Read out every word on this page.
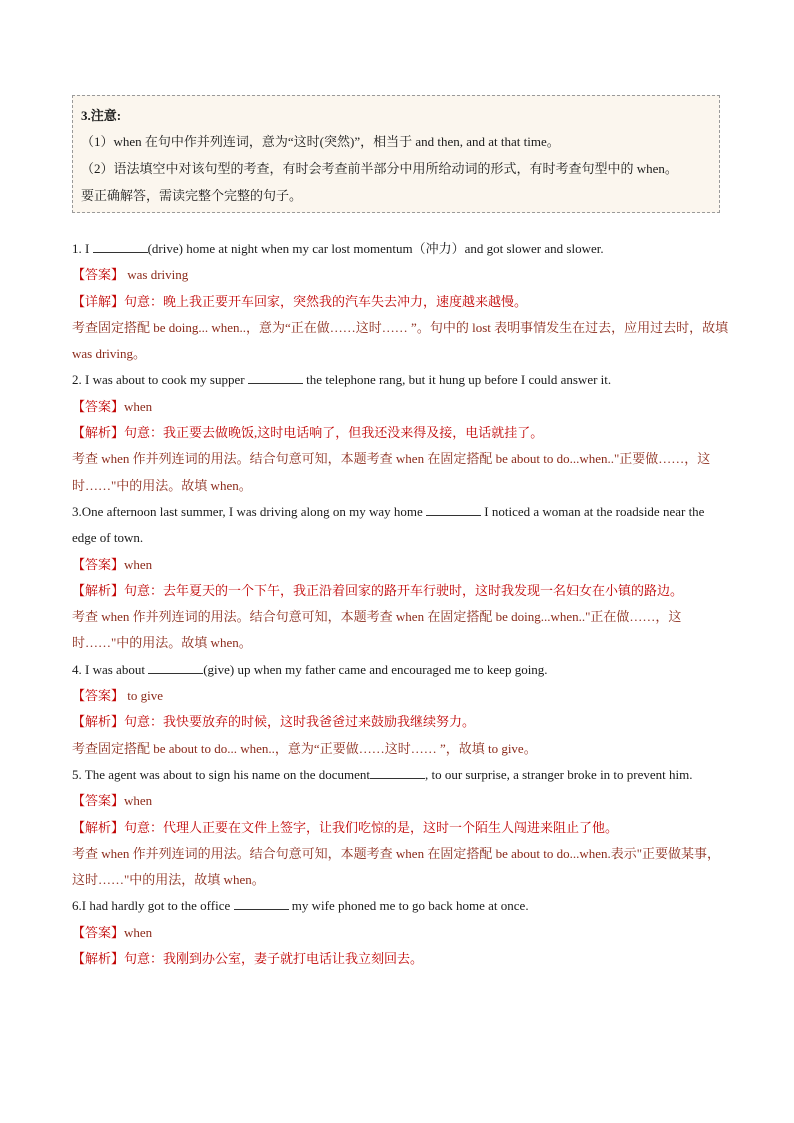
3.注意:
（1）when 在句中作并列连词，意为“这时(突然)”，相当于 and then, and at that time。
（2）语法填空中对该句型的考查，有时会考查前半部分中用所给动词的形式，有时考查句型中的 when。
要正确解答，需读完整个完整的句子。

1. I	(drive) home at night when my car lost momentum（冲力）and got slower and slower.

【答案】 was driving

【详解】句意：晚上我正要开车回家，突然我的汽车失去冲力，速度越来越慢。

考查固定搭配 be doing... when..，意为“正在做……这时…… ”。句中的 lost 表明事情发生在过去，应用过去时，故填 was driving。

2. I was about to cook my supper	the telephone rang, but it hung up before I could answer it.

【答案】when

【解析】句意：我正要去做晚饭,这时电话响了，但我还没来得及接，电话就挂了。

考查 when 作并列连词的用法。结合句意可知，本题考查 when 在固定搭配 be about to do...when.."正要做……，这时……"中的用法。故填 when。

3.One afternoon last summer, I was driving along on my way home	I noticed a woman at the roadside near the edge of town.

【答案】when

【解析】句意：去年夏天的一个下午，我正沿着回家的路开车行驶时，这时我发现一名妇女在小镇的路边。

考查 when 作并列连词的用法。结合句意可知，本题考查 when 在固定搭配 be doing...when.."正在做……，这时……"中的用法。故填 when。

4. I was about	(give) up when my father came and encouraged me to keep going.

【答案】 to give

【解析】句意：我快要放弃的时候，这时我爸爸过来鼓励我继续努力。

考查固定搭配 be about to do... when..，意为“正要做……这时…… ”，故填 to give。

5. The agent was about to sign his name on the document	, to our surprise, a stranger broke in to prevent him.

【答案】when

【解析】句意：代理人正要在文件上签字，让我们吃惊的是，这时一个陌生人闯进来阻止了他。

考查 when 作并列连词的用法。结合句意可知，本题考查 when 在固定搭配 be about to do...when.表示"正要做某事，这时……"中的用法，故填 when。

6.I had hardly got to the office	my wife phoned me to go back home at once.

【答案】when

【解析】句意：我刚到办公室，妻子就打电话让我立刻回去。
